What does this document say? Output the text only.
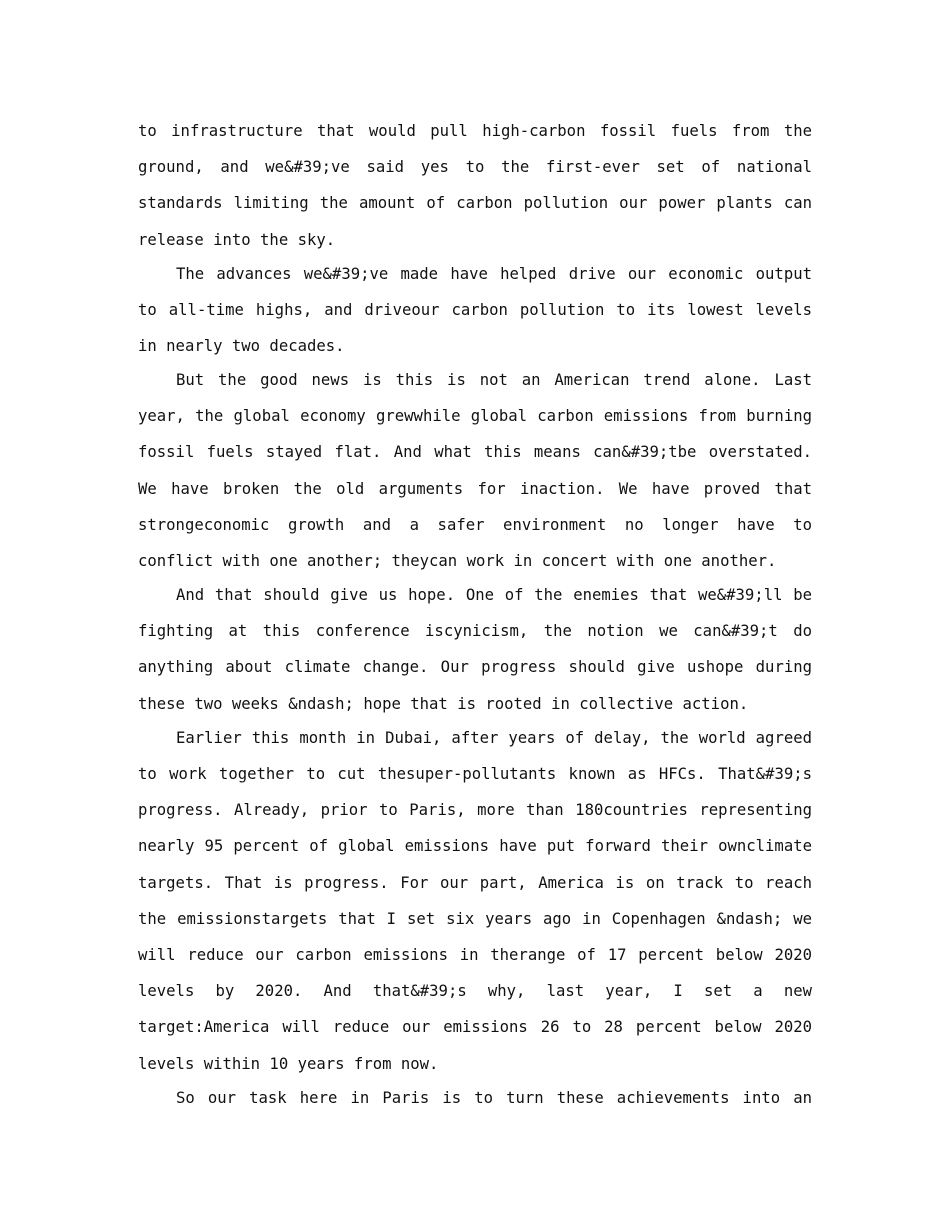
to infrastructure that would pull high-carbon fossil fuels from the ground, and we&#39;ve said yes to the first-ever set of national standards limiting the amount of carbon pollution our power plants can release into the sky.

The advances we&#39;ve made have helped drive our economic output to all-time highs, and driveour carbon pollution to its lowest levels in nearly two decades.

But the good news is this is not an American trend alone. Last year, the global economy grewwhile global carbon emissions from burning fossil fuels stayed flat. And what this means can&#39;tbe overstated. We have broken the old arguments for inaction. We have proved that strongeconomic growth and a safer environment no longer have to conflict with one another; theycan work in concert with one another.

And that should give us hope. One of the enemies that we&#39;ll be fighting at this conference iscynicism, the notion we can&#39;t do anything about climate change. Our progress should give ushope during these two weeks &ndash; hope that is rooted in collective action.

Earlier this month in Dubai, after years of delay, the world agreed to work together to cut thesuper-pollutants known as HFCs. That&#39;s progress. Already, prior to Paris, more than 180countries representing nearly 95 percent of global emissions have put forward their ownclimate targets. That is progress. For our part, America is on track to reach the emissionstargets that I set six years ago in Copenhagen &ndash; we will reduce our carbon emissions in therange of 17 percent below 2020 levels by 2020. And that&#39;s why, last year, I set a new target:America will reduce our emissions 26 to 28 percent below 2020 levels within 10 years from now.

So our task here in Paris is to turn these achievements into an
